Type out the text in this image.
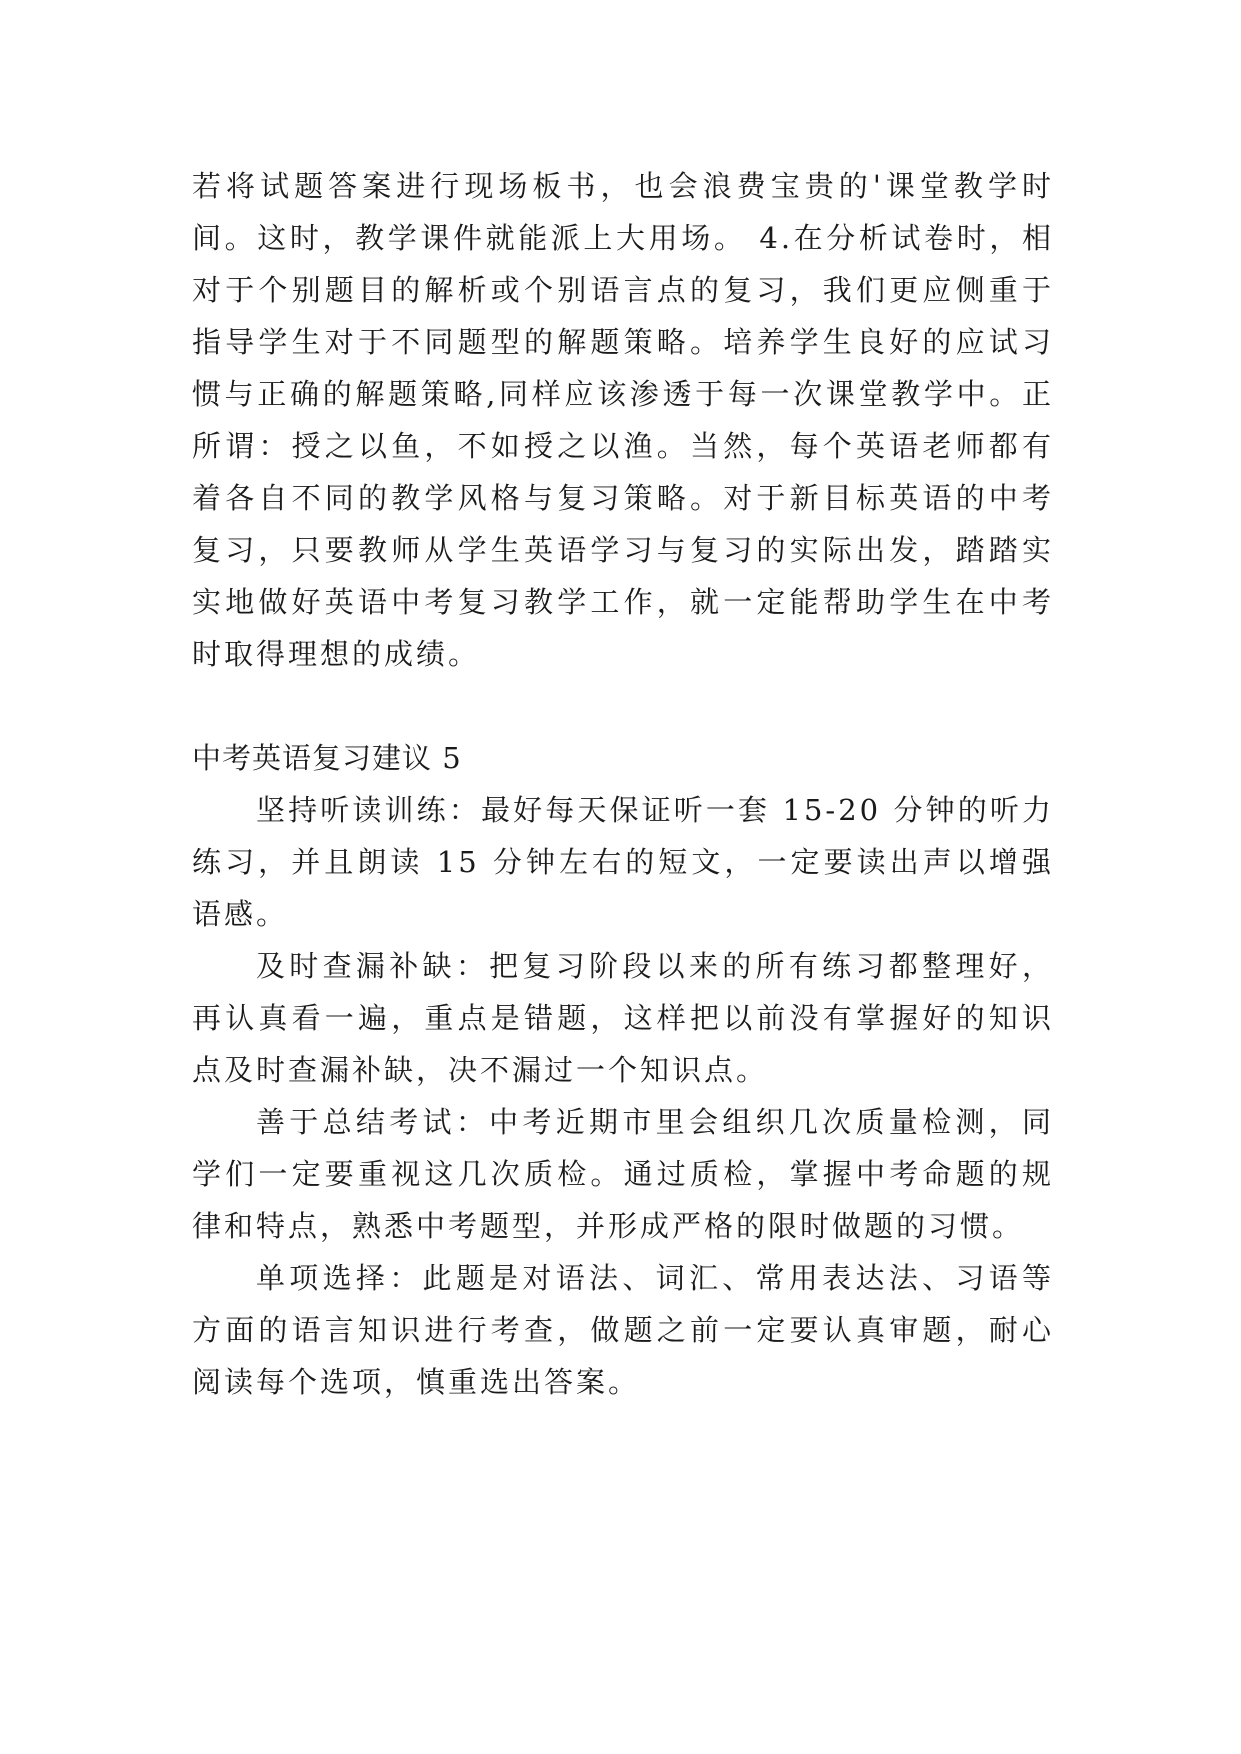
若将试题答案进行现场板书，也会浪费宝贵的'课堂教学时间。这时，教学课件就能派上大用场。 4.在分析试卷时，相对于个别题目的解析或个别语言点的复习，我们更应侧重于指导学生对于不同题型的解题策略。培养学生良好的应试习惯与正确的解题策略,同样应该渗透于每一次课堂教学中。正所谓：授之以鱼，不如授之以渔。当然，每个英语老师都有着各自不同的教学风格与复习策略。对于新目标英语的中考复习，只要教师从学生英语学习与复习的实际出发，踏踏实实地做好英语中考复习教学工作，就一定能帮助学生在中考时取得理想的成绩。

中考英语复习建议 5

坚持听读训练：最好每天保证听一套 15-20 分钟的听力练习，并且朗读 15 分钟左右的短文，一定要读出声以增强语感。

及时查漏补缺：把复习阶段以来的所有练习都整理好，再认真看一遍，重点是错题，这样把以前没有掌握好的知识点及时查漏补缺，决不漏过一个知识点。

善于总结考试：中考近期市里会组织几次质量检测，同学们一定要重视这几次质检。通过质检，掌握中考命题的规律和特点，熟悉中考题型，并形成严格的限时做题的习惯。

单项选择：此题是对语法、词汇、常用表达法、习语等方面的语言知识进行考查，做题之前一定要认真审题，耐心阅读每个选项，慎重选出答案。
